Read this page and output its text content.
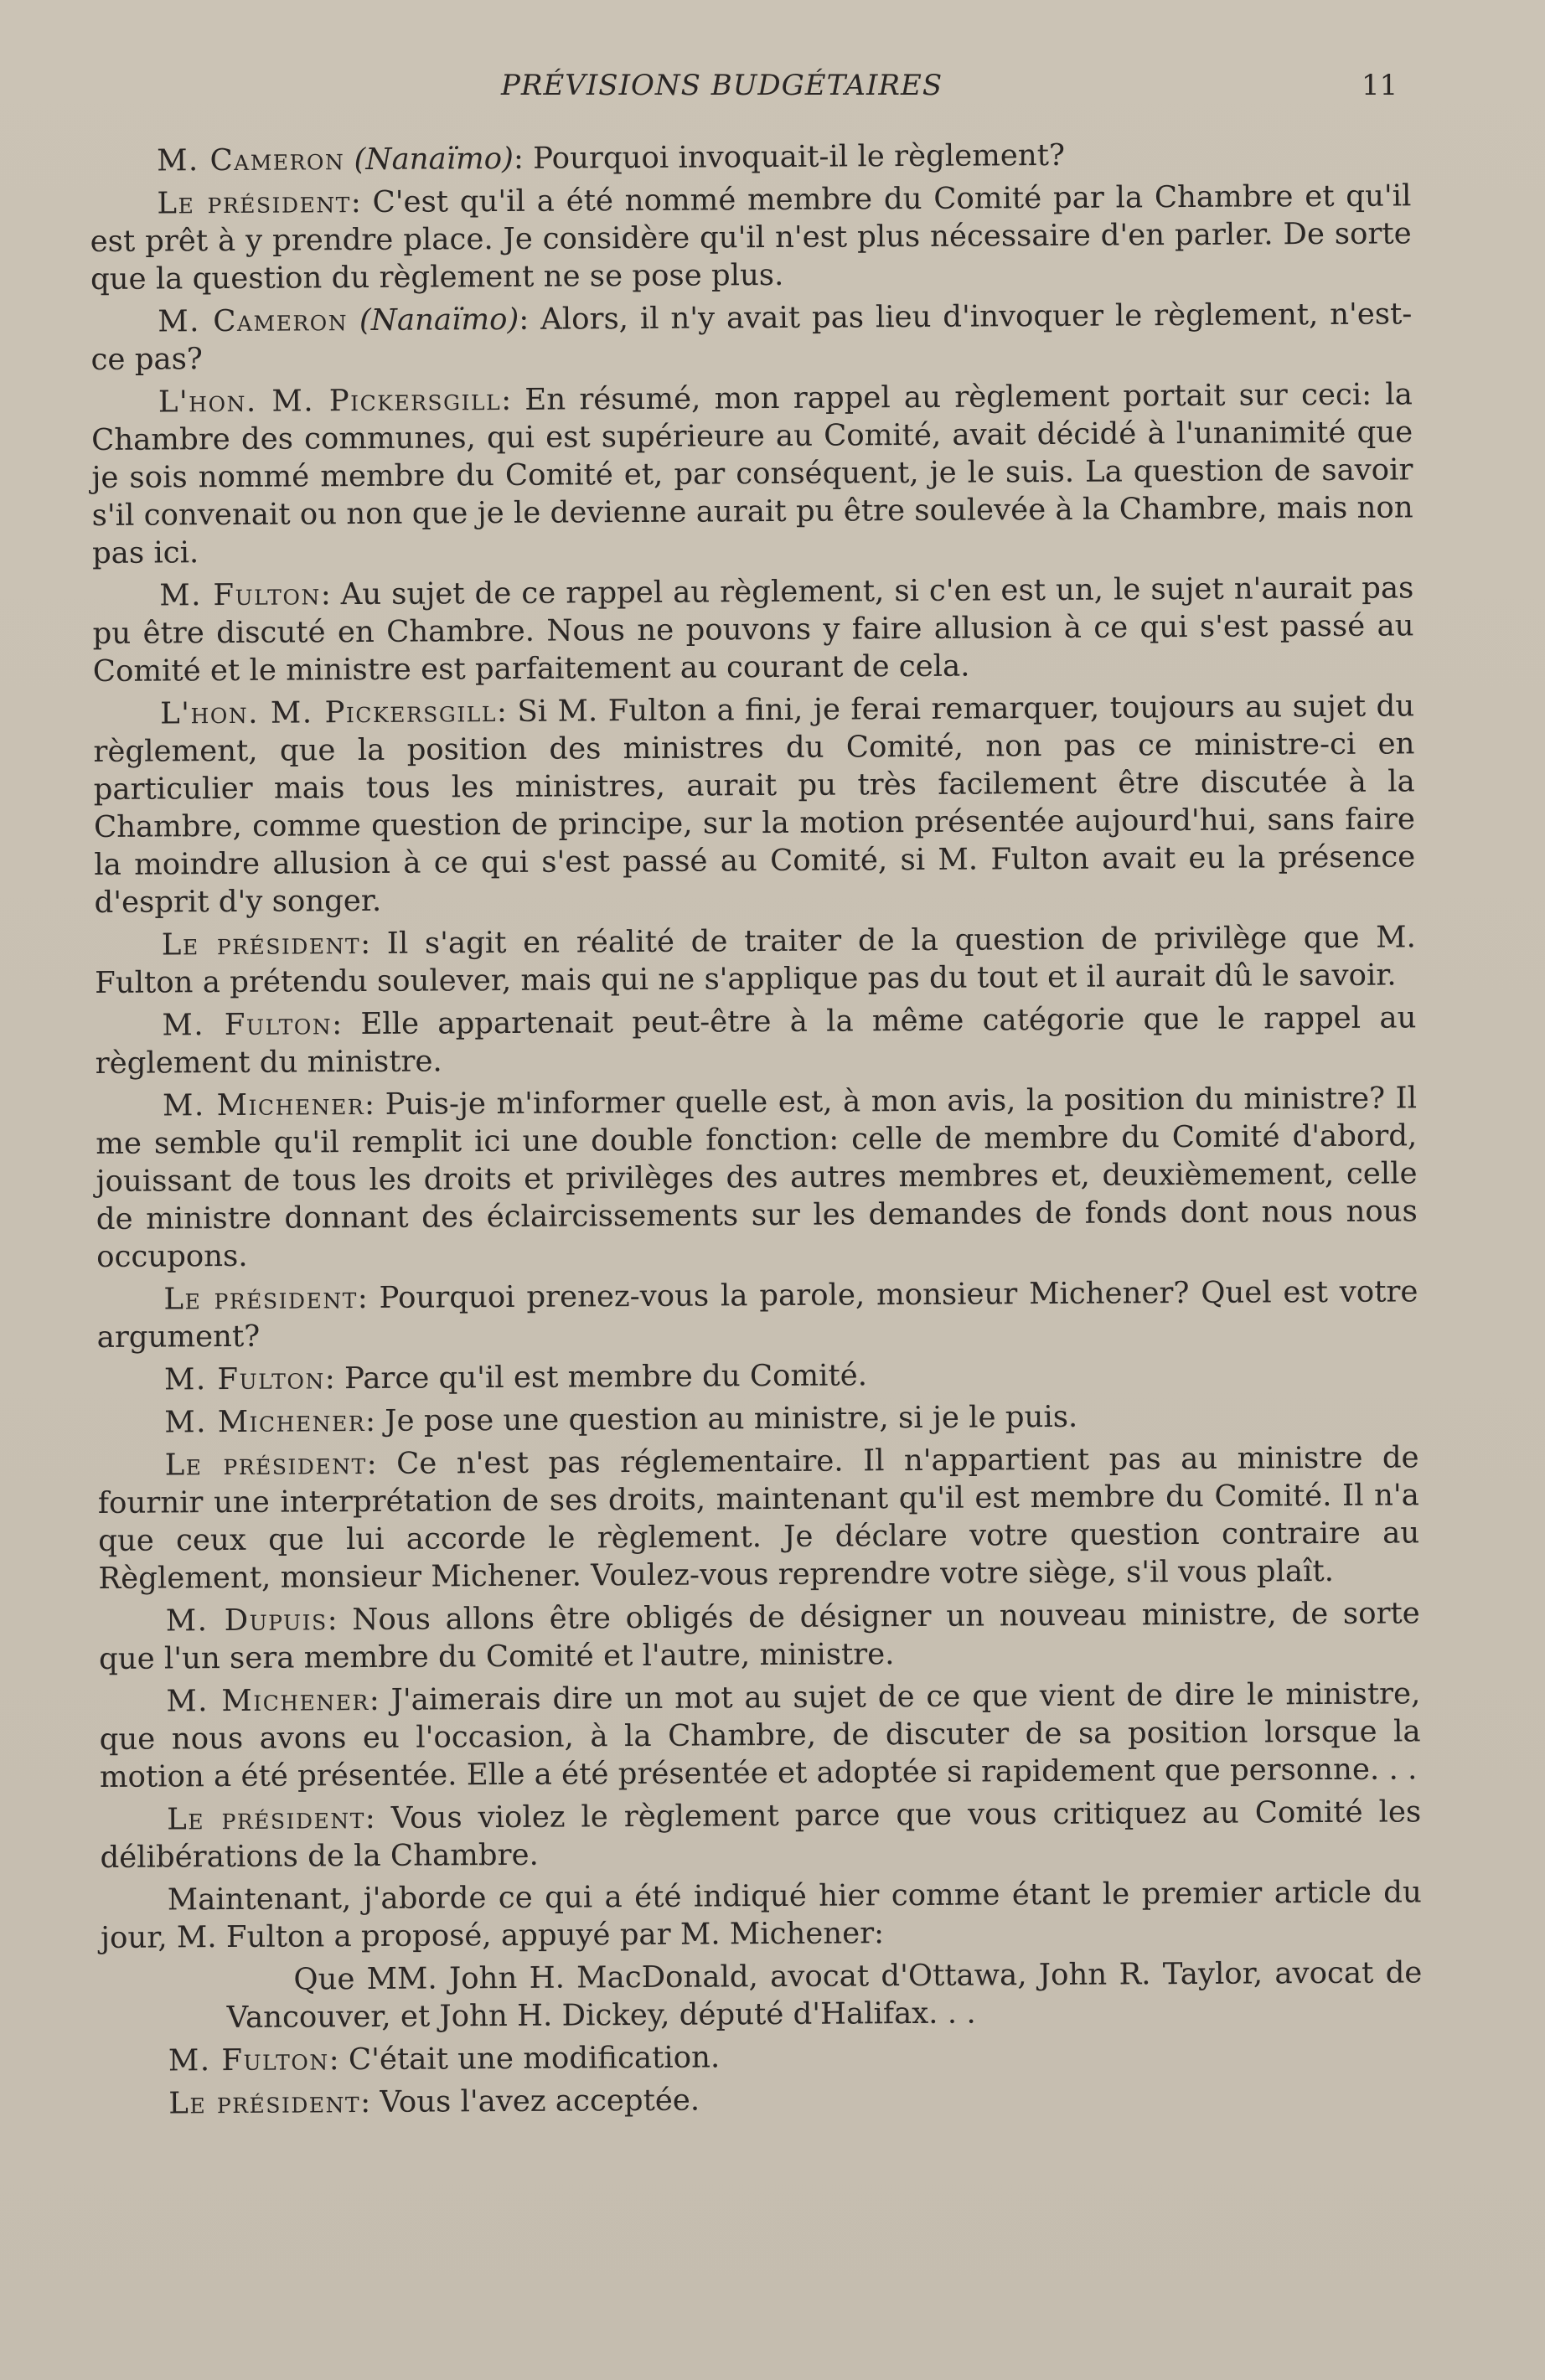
PRÉVISIONS BUDGÉTAIRES	11

M. Cameron (Nanaïmo): Pourquoi invoquait-il le règlement?

Le président: C'est qu'il a été nommé membre du Comité par la Chambre et qu'il est prêt à y prendre place. Je considère qu'il n'est plus nécessaire d'en parler. De sorte que la question du règlement ne se pose plus.

M. Cameron (Nanaïmo): Alors, il n'y avait pas lieu d'invoquer le règlement, n'est-ce pas?

L'hon. M. Pickersgill: En résumé, mon rappel au règlement portait sur ceci: la Chambre des communes, qui est supérieure au Comité, avait décidé à l'unanimité que je sois nommé membre du Comité et, par conséquent, je le suis. La question de savoir s'il convenait ou non que je le devienne aurait pu être soulevée à la Chambre, mais non pas ici.

M. Fulton: Au sujet de ce rappel au règlement, si c'en est un, le sujet n'aurait pas pu être discuté en Chambre. Nous ne pouvons y faire allusion à ce qui s'est passé au Comité et le ministre est parfaitement au courant de cela.

L'hon. M. Pickersgill: Si M. Fulton a fini, je ferai remarquer, toujours au sujet du règlement, que la position des ministres du Comité, non pas ce ministre-ci en particulier mais tous les ministres, aurait pu très facilement être discutée à la Chambre, comme question de principe, sur la motion présentée aujourd'hui, sans faire la moindre allusion à ce qui s'est passé au Comité, si M. Fulton avait eu la présence d'esprit d'y songer.

Le président: Il s'agit en réalité de traiter de la question de privilège que M. Fulton a prétendu soulever, mais qui ne s'applique pas du tout et il aurait dû le savoir.

M. Fulton: Elle appartenait peut-être à la même catégorie que le rappel au règlement du ministre.

M. Michener: Puis-je m'informer quelle est, à mon avis, la position du ministre? Il me semble qu'il remplit ici une double fonction: celle de membre du Comité d'abord, jouissant de tous les droits et privilèges des autres membres et, deuxièmement, celle de ministre donnant des éclaircissements sur les demandes de fonds dont nous nous occupons.

Le président: Pourquoi prenez-vous la parole, monsieur Michener? Quel est votre argument?

M. Fulton: Parce qu'il est membre du Comité.

M. Michener: Je pose une question au ministre, si je le puis.

Le président: Ce n'est pas réglementaire. Il n'appartient pas au ministre de fournir une interprétation de ses droits, maintenant qu'il est membre du Comité. Il n'a que ceux que lui accorde le règlement. Je déclare votre question contraire au Règlement, monsieur Michener. Voulez-vous reprendre votre siège, s'il vous plaît.

M. Dupuis: Nous allons être obligés de désigner un nouveau ministre, de sorte que l'un sera membre du Comité et l'autre, ministre.

M. Michener: J'aimerais dire un mot au sujet de ce que vient de dire le ministre, que nous avons eu l'occasion, à la Chambre, de discuter de sa position lorsque la motion a été présentée. Elle a été présentée et adoptée si rapidement que personne. . .

Le président: Vous violez le règlement parce que vous critiquez au Comité les délibérations de la Chambre.

Maintenant, j'aborde ce qui a été indiqué hier comme étant le premier article du jour, M. Fulton a proposé, appuyé par M. Michener:

Que MM. John H. MacDonald, avocat d'Ottawa, John R. Taylor, avocat de Vancouver, et John H. Dickey, député d'Halifax. . .

M. Fulton: C'était une modification.

Le président: Vous l'avez acceptée.
